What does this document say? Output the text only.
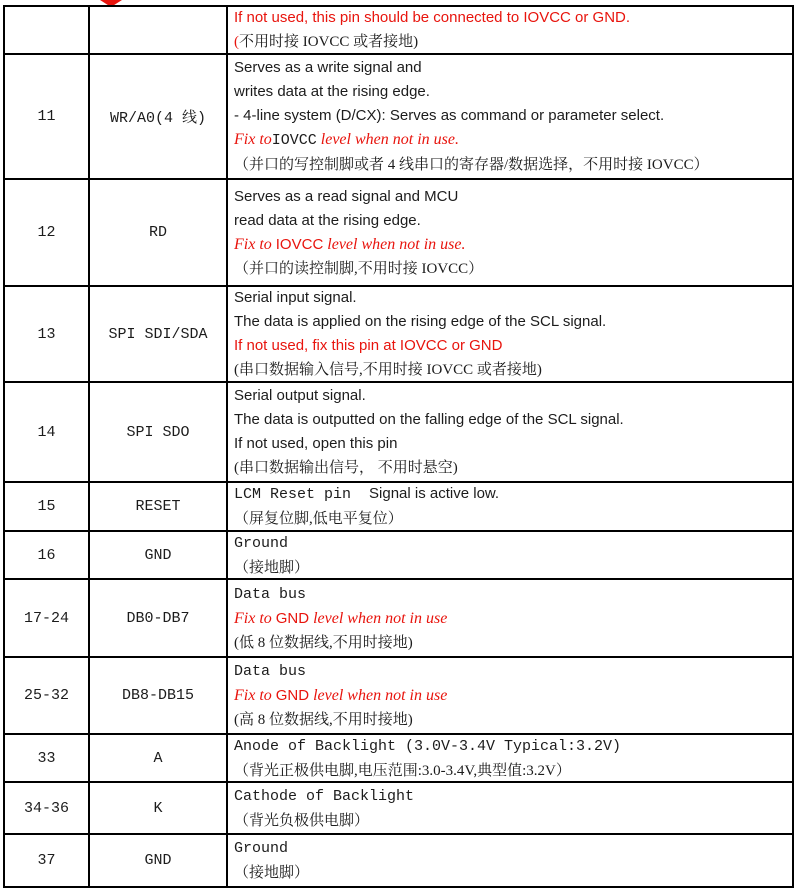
If not used, this pin should be connected to IOVCC or GND.
(不用时接 IOVCC 或者接地)
11	WR/A0(4 线)
Serves as a write signal and
writes data at the rising edge.
- 4-line system (D/CX): Serves as command or parameter select.
Fix toIOVCC level when not in use.
（并口的写控制脚或者 4 线串口的寄存器/数据选择，不用时接 IOVCC）
12	RD
Serves as a read signal and MCU
read data at the rising edge.
Fix to IOVCC level when not in use.
（并口的读控制脚,不用时接 IOVCC）
13	SPI SDI/SDA
Serial input signal.
The data is applied on the rising edge of the SCL signal.
If not used, fix this pin at IOVCC or GND
(串口数据输入信号,不用时接 IOVCC 或者接地)
14	SPI SDO
Serial output signal.
The data is outputted on the falling edge of the SCL signal.
If not used, open this pin
(串口数据输出信号， 不用时悬空)
15	RESET
LCM Reset pin  Signal is active low.
（屏复位脚,低电平复位）
16	GND
Ground
（接地脚）
17-24	DB0-DB7
Data bus
Fix to GND level when not in use
(低 8 位数据线,不用时接地)
25-32	DB8-DB15
Data bus
Fix to GND level when not in use
(高 8 位数据线,不用时接地)
33	A
Anode of Backlight (3.0V-3.4V Typical:3.2V)
（背光正极供电脚,电压范围:3.0-3.4V,典型值:3.2V）
34-36	K
Cathode of Backlight
（背光负极供电脚）
37	GND
Ground
（接地脚）
